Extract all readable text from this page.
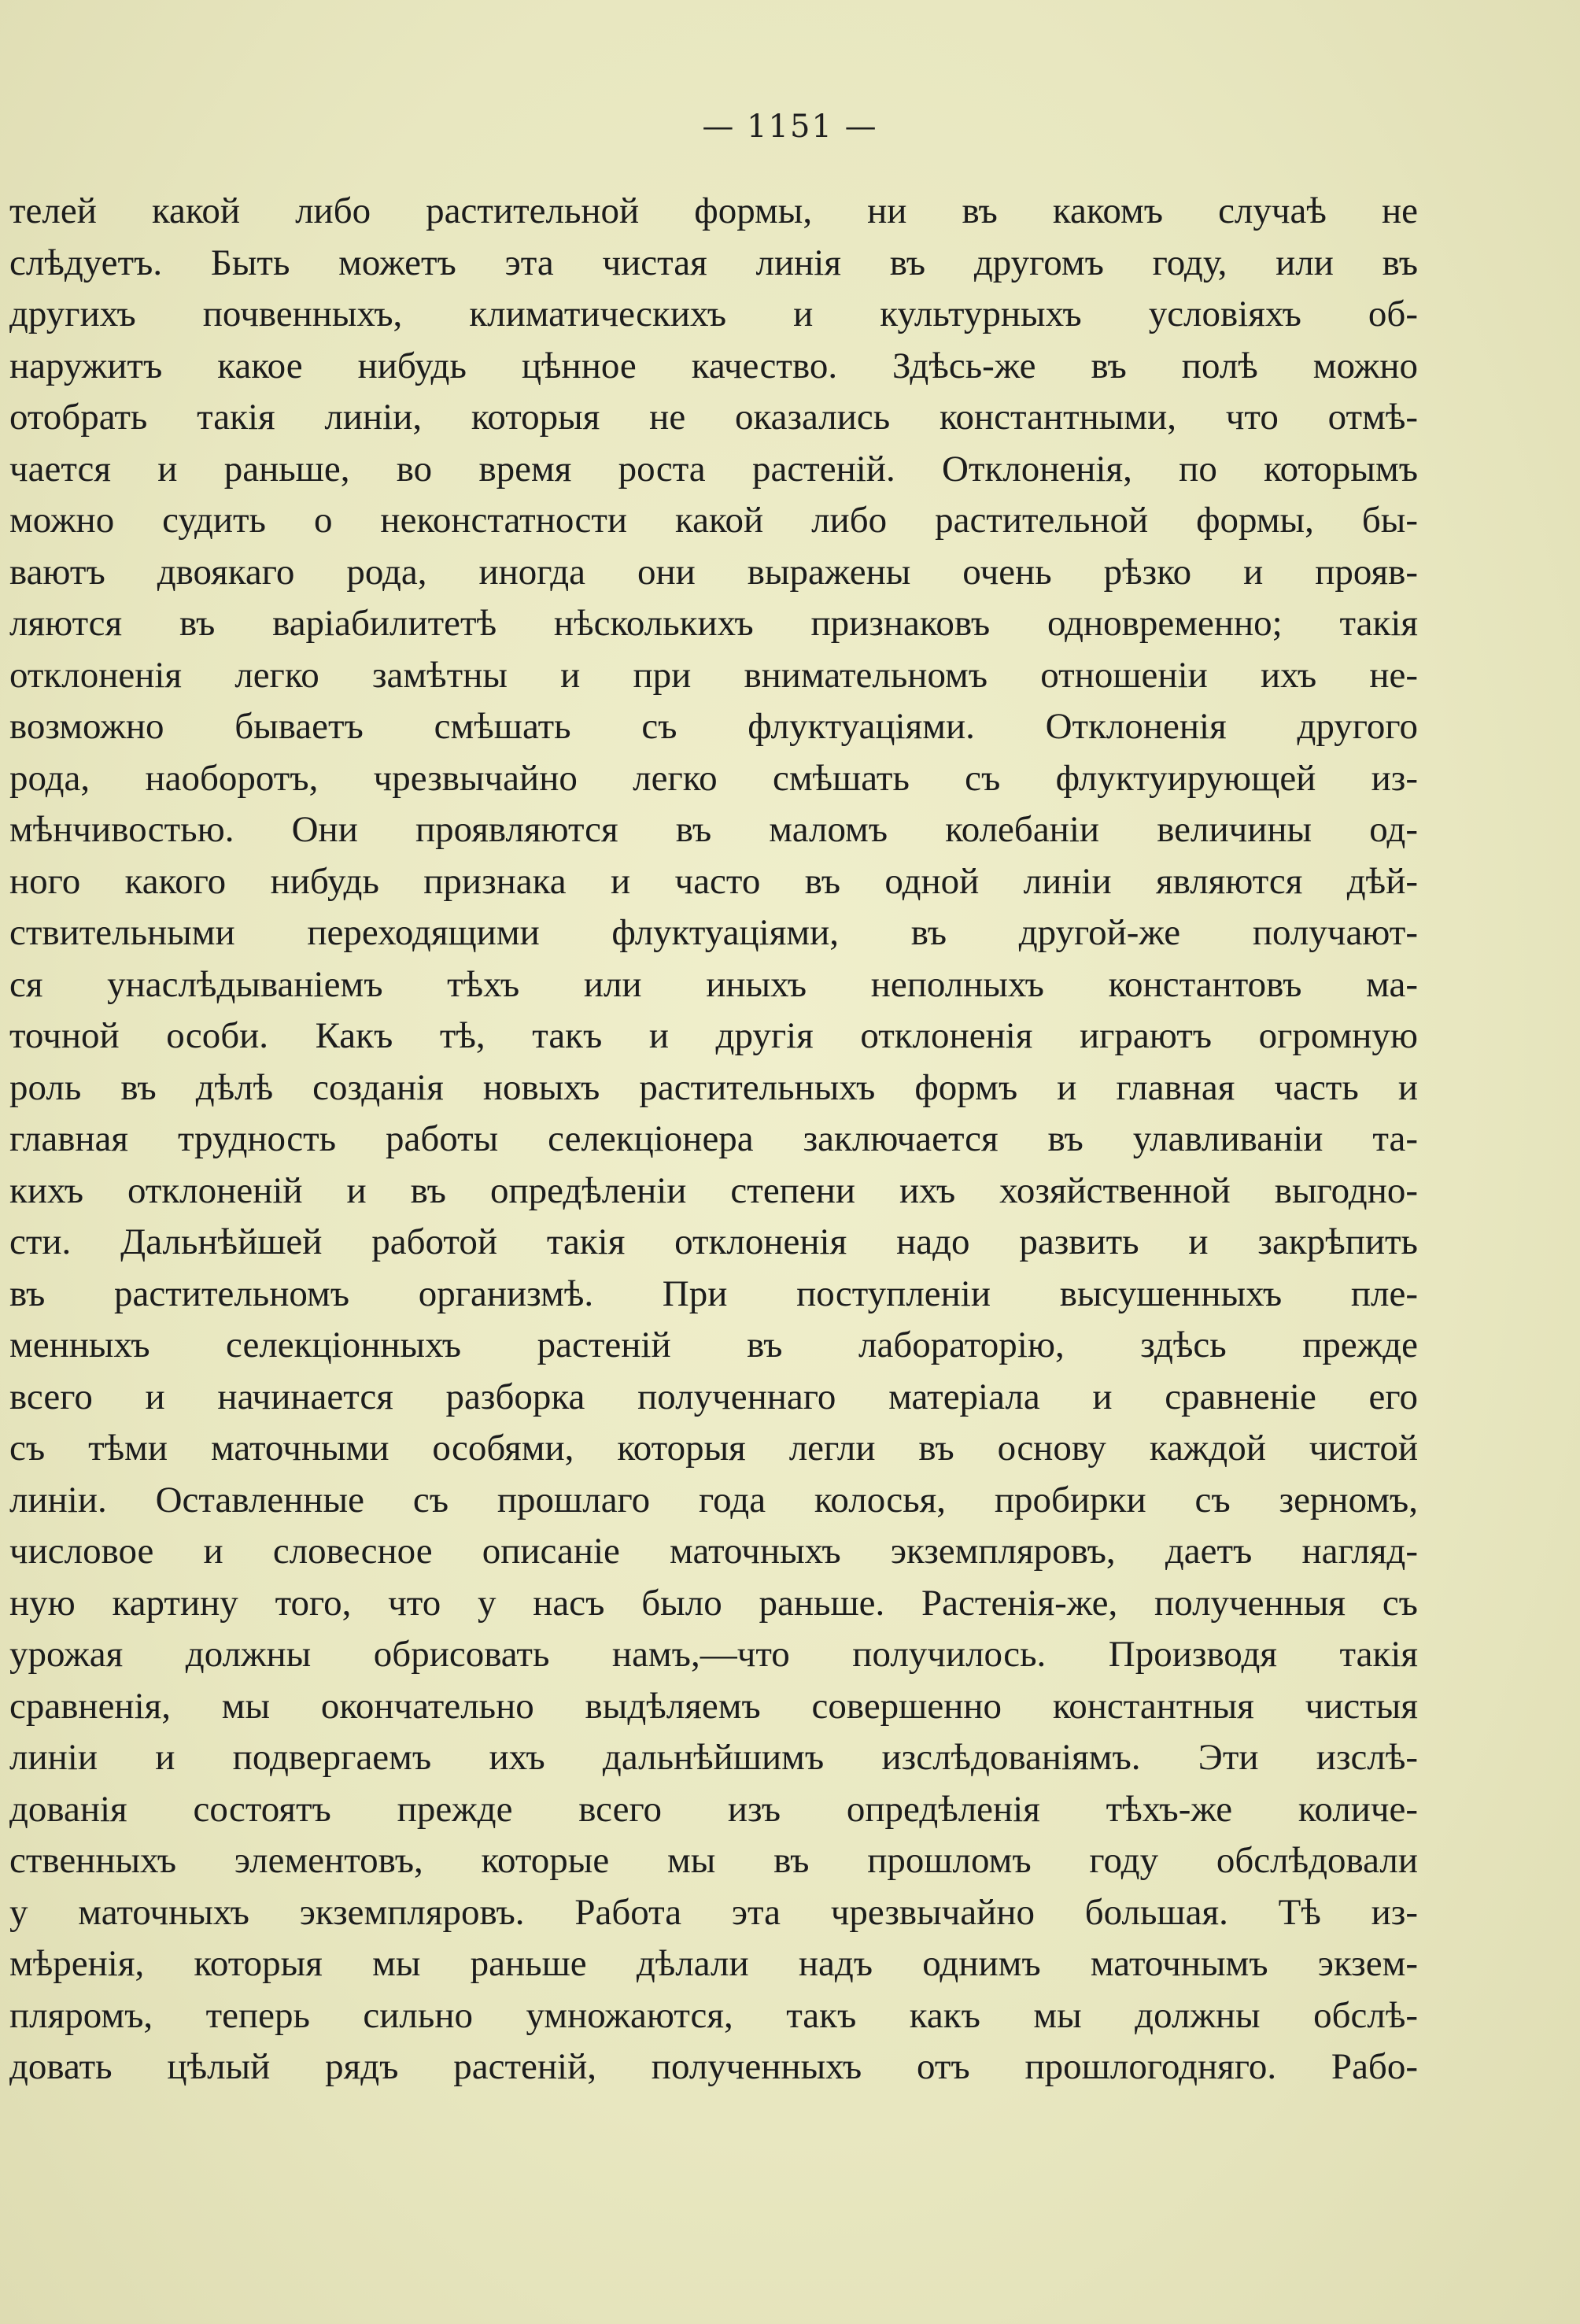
— 1151 —
телей какой либо растительной формы, ни въ какомъ случаѣ не
слѣдуетъ. Быть можетъ эта чистая линія въ другомъ году, или въ
другихъ почвенныхъ, климатическихъ и культурныхъ условіяхъ об-
наружитъ какое нибудь цѣнное качество. Здѣсь-же въ полѣ можно
отобрать такія линіи, которыя не оказались константными, что отмѣ-
чается и раньше, во время роста растеній. Отклоненія, по которымъ
можно судить о неконстатности какой либо растительной формы, бы-
ваютъ двоякаго рода, иногда они выражены очень рѣзко и прояв-
ляются въ варіабилитетѣ нѣсколькихъ признаковъ одновременно; такія
отклоненія легко замѣтны и при внимательномъ отношеніи ихъ не-
возможно бываетъ смѣшать съ флуктуаціями. Отклоненія другого
рода, наоборотъ, чрезвычайно легко смѣшать съ флуктуирующей из-
мѣнчивостью. Они проявляются въ маломъ колебаніи величины од-
ного какого нибудь признака и часто въ одной линіи являются дѣй-
ствительными переходящими флуктуаціями, въ другой-же получают-
ся унаслѣдываніемъ тѣхъ или иныхъ неполныхъ константовъ ма-
точной особи. Какъ тѣ, такъ и другія отклоненія играютъ огромную
роль въ дѣлѣ созданія новыхъ растительныхъ формъ и главная часть и
главная трудность работы селекціонера заключается въ улавливаніи та-
кихъ отклоненій и въ опредѣленіи степени ихъ хозяйственной выгодно-
сти. Дальнѣйшей работой такія отклоненія надо развить и закрѣпить
въ растительномъ организмѣ. При поступленіи высушенныхъ пле-
менныхъ селекціонныхъ растеній въ лабораторію, здѣсь прежде
всего и начинается разборка полученнаго матеріала и сравненіе его
съ тѣми маточными особями, которыя легли въ основу каждой чистой
линіи. Оставленные съ прошлаго года колосья, пробирки съ зерномъ,
числовое и словесное описаніе маточныхъ экземпляровъ, даетъ нагляд-
ную картину того, что у насъ было раньше. Растенія-же, полученныя съ
урожая должны обрисовать намъ,—что получилось. Производя такія
сравненія, мы окончательно выдѣляемъ совершенно константныя чистыя
линіи и подвергаемъ ихъ дальнѣйшимъ изслѣдованіямъ. Эти изслѣ-
дованія состоятъ прежде всего изъ опредѣленія тѣхъ-же количе-
ственныхъ элементовъ, которые мы въ прошломъ году обслѣдовали
у маточныхъ экземпляровъ. Работа эта чрезвычайно большая. Тѣ из-
мѣренія, которыя мы раньше дѣлали надъ однимъ маточнымъ экзем-
пляромъ, теперь сильно умножаются, такъ какъ мы должны обслѣ-
довать цѣлый рядъ растеній, полученныхъ отъ прошлогодняго. Рабо-
